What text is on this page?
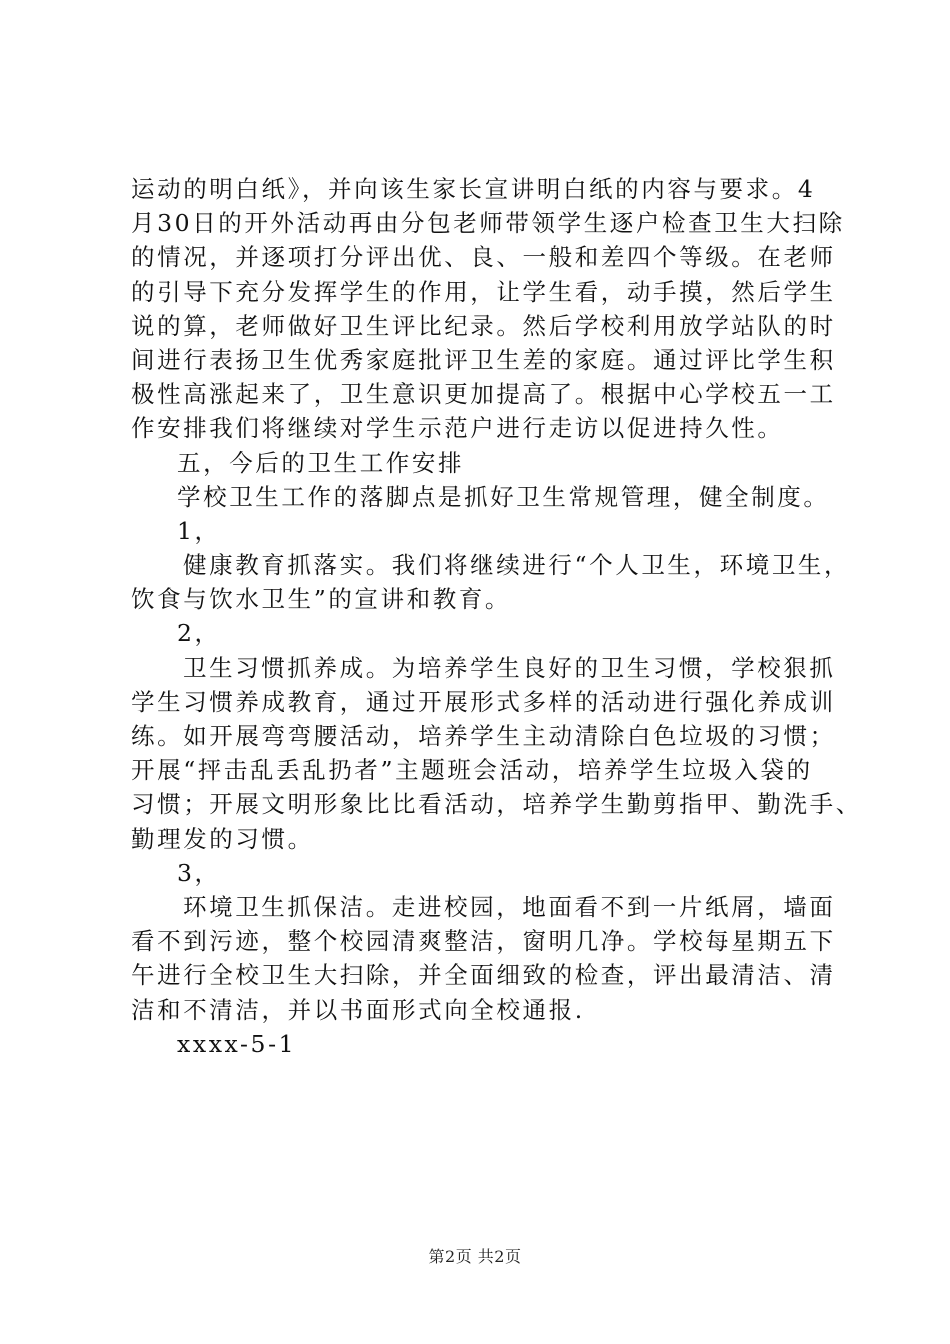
运动的明白纸》，并向该生家长宣讲明白纸的内容与要求。4
月30日的开外活动再由分包老师带领学生逐户检查卫生大扫除
的情况，并逐项打分评出优、良、一般和差四个等级。在老师
的引导下充分发挥学生的作用，让学生看，动手摸，然后学生
说的算，老师做好卫生评比纪录。然后学校利用放学站队的时
间进行表扬卫生优秀家庭批评卫生差的家庭。通过评比学生积
极性高涨起来了，卫生意识更加提高了。根据中心学校五一工
作安排我们将继续对学生示范户进行走访以促进持久性。
五，今后的卫生工作安排
学校卫生工作的落脚点是抓好卫生常规管理，健全制度。
1，
健康教育抓落实。我们将继续进行“个人卫生，环境卫生，
饮食与饮水卫生”的宣讲和教育。
2，
卫生习惯抓养成。为培养学生良好的卫生习惯，学校狠抓
学生习惯养成教育，通过开展形式多样的活动进行强化养成训
练。如开展弯弯腰活动，培养学生主动清除白色垃圾的习惯；
开展“抨击乱丢乱扔者”主题班会活动，培养学生垃圾入袋的
习惯；开展文明形象比比看活动，培养学生勤剪指甲、勤洗手、
勤理发的习惯。
3，
环境卫生抓保洁。走进校园，地面看不到一片纸屑，墙面
看不到污迹，整个校园清爽整洁，窗明几净。学校每星期五下
午进行全校卫生大扫除，并全面细致的检查，评出最清洁、清
洁和不清洁，并以书面形式向全校通报.
xxxx-5-1
第2页 共2页
